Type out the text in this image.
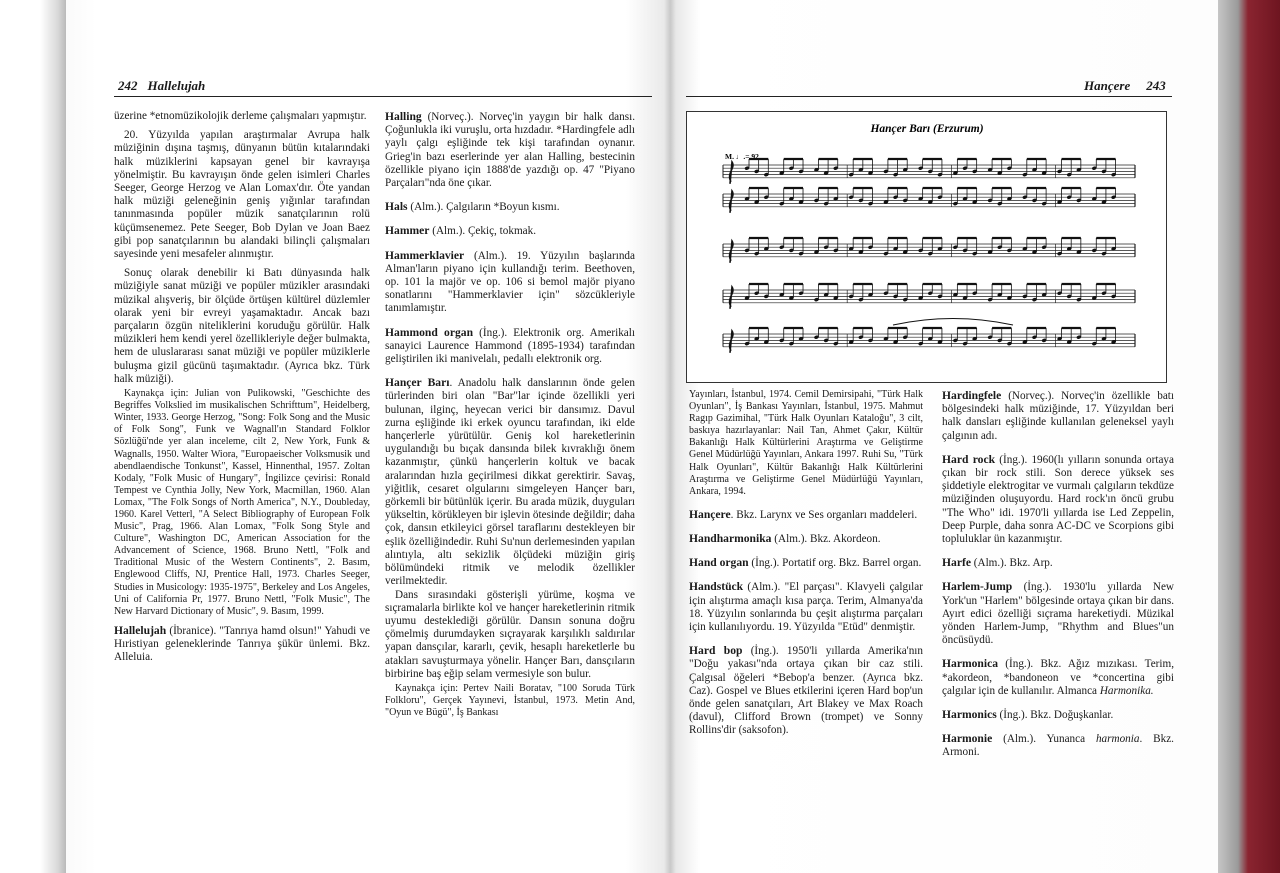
242 Hallelujah

üzerine *etnomüzikolojik derleme çalışmaları yapmıştır.

20. Yüzyılda yapılan araştırmalar Avrupa halk müziğinin dışına taşmış, dünyanın bütün kıtalarındaki halk müziklerini kapsayan genel bir kavrayışa yönelmiştir. Bu kavrayışın önde gelen isimleri Charles Seeger, George Herzog ve Alan Lomax'dır. Öte yandan halk müziği geleneğinin geniş yığınlar tarafından tanınmasında popüler müzik sanatçılarının rolü küçümsenemez. Pete Seeger, Bob Dylan ve Joan Baez gibi pop sanatçılarının bu alandaki bilinçli çalışmaları sayesinde yeni mesafeler alınmıştır.

Sonuç olarak denebilir ki Batı dünyasında halk müziğiyle sanat müziği ve popüler müzikler arasındaki müzikal alışveriş, bir ölçüde örtüşen kültürel düzlemler olarak yeni bir evreyi yaşamaktadır. Ancak bazı parçaların özgün niteliklerini koruduğu görülür. Halk müzikleri hem kendi yerel özellikleriyle değer bulmakta, hem de uluslararası sanat müziği ve popüler müziklerle buluşma gizil gücünü taşımaktadır. (Ayrıca bkz. Türk halk müziği).

Kaynakça için: Julian von Pulikowski, "Geschichte des Begriffes Volkslied im musikalischen Schrifttum", Heidelberg, Winter, 1933. George Herzog, "Song: Folk Song and the Music of Folk Song", Funk ve Wagnall'ın Standard Folklor Sözlüğü'nde yer alan inceleme, cilt 2, New York, Funk & Wagnalls, 1950. Walter Wiora, "Europaeischer Volksmusik und abendlaendische Tonkunst", Kassel, Hinnenthal, 1957. Zoltan Kodaly, "Folk Music of Hungary", İngilizce çevirisi: Ronald Tempest ve Cynthia Jolly, New York, Macmillan, 1960. Alan Lomax, "The Folk Songs of North America", N.Y., Doubleday, 1960. Karel Vetterl, "A Select Bibliography of European Folk Music", Prag, 1966. Alan Lomax, "Folk Song Style and Culture", Washington DC, American Association for the Advancement of Science, 1968. Bruno Nettl, "Folk and Traditional Music of the Western Continents", 2. Basım, Englewood Cliffs, NJ, Prentice Hall, 1973. Charles Seeger, Studies in Musicology: 1935-1975", Berkeley and Los Angeles, Uni of California Pr, 1977. Bruno Nettl, "Folk Music", The New Harvard Dictionary of Music", 9. Basım, 1999.

Hallelujah (İbranice). "Tanrıya hamd olsun!" Yahudi ve Hıristiyan geleneklerinde Tanrıya şükür ünlemi. Bkz. Alleluia.

Halling (Norveç.). Norveç'in yaygın bir halk dansı. Çoğunlukla iki vuruşlu, orta hızdadır. *Hardingfele adlı yaylı çalgı eşliğinde tek kişi tarafından oynanır. Grieg'in bazı eserlerinde yer alan Halling, bestecinin özellikle piyano için 1888'de yazdığı op. 47 "Piyano Parçaları"nda öne çıkar.

Hals (Alm.). Çalgıların *Boyun kısmı.

Hammer (Alm.). Çekiç, tokmak.

Hammerklavier (Alm.). 19. Yüzyılın başlarında Alman'ların piyano için kullandığı terim. Beethoven, op. 101 la majör ve op. 106 si bemol majör piyano sonatlarını "Hammerklavier için" sözcükleriyle tanımlamıştır.

Hammond organ (İng.). Elektronik org. Amerikalı sanayici Laurence Hammond (1895-1934) tarafından geliştirilen iki manivelalı, pedallı elektronik org.

Hançer Barı. Anadolu halk danslarının önde gelen türlerinden biri olan "Bar"lar içinde özellikli yeri bulunan, ilginç, heyecan verici bir dansımız. Davul zurna eşliğinde iki erkek oyuncu tarafından, iki elde hançerlerle yürütülür. Geniş kol hareketlerinin uygulandığı bu bıçak dansında bilek kıvraklığı önem kazanmıştır, çünkü hançerlerin koltuk ve bacak aralarından hızla geçirilmesi dikkat gerektirir. Savaş, yiğitlik, cesaret olgularını simgeleyen Hançer barı, görkemli bir bütünlük içerir. Bu arada müzik, duyguları yükseltin, körükleyen bir işlevin ötesinde değildir; daha çok, dansın etkileyici görsel taraflarını destekleyen bir eşlik özelliğindedir. Ruhi Su'nun derlemesinden yapılan alıntıyla, altı sekizlik ölçüdeki müziğin giriş bölümündeki ritmik ve melodik özellikler verilmektedir.

Dans sırasındaki gösterişli yürüme, koşma ve sıçramalarla birlikte kol ve hançer hareketlerinin ritmik uyumu desteklediği görülür. Dansın sonuna doğru çömelmiş durumdayken sıçrayarak karşılıklı saldırılar yapan dansçılar, kararlı, çevik, hesaplı hareketlerle bu atakları savuşturmaya yönelir. Hançer Barı, dansçıların birbirine baş eğip selam vermesiyle son bulur.

Kaynakça için: Pertev Naili Boratav, "100 Soruda Türk Folkloru", Gerçek Yayınevi, İstanbul, 1973. Metin And, "Oyun ve Bügü", İş Bankası

Hançere 243
Hançer Barı (Erzurum)
M. ♩.= 92

Yayınları, İstanbul, 1974. Cemil Demirsipahi, "Türk Halk Oyunları", İş Bankası Yayınları, İstanbul, 1975. Mahmut Ragıp Gazimihal, "Türk Halk Oyunları Kataloğu", 3 cilt, baskıya hazırlayanlar: Nail Tan, Ahmet Çakır, Kültür Bakanlığı Halk Kültürlerini Araştırma ve Geliştirme Genel Müdürlüğü Yayınları, Ankara 1997. Ruhi Su, "Türk Halk Oyunları", Kültür Bakanlığı Halk Kültürlerini Araştırma ve Geliştirme Genel Müdürlüğü Yayınları, Ankara, 1994.

Hançere. Bkz. Larynx ve Ses organları maddeleri.

Handharmonika (Alm.). Bkz. Akordeon.

Hand organ (İng.). Portatif org. Bkz. Barrel organ.

Handstück (Alm.). "El parçası". Klavyeli çalgılar için alıştırma amaçlı kısa parça. Terim, Almanya'da 18. Yüzyılın sonlarında bu çeşit alıştırma parçaları için kullanılıyordu. 19. Yüzyılda "Etüd" denmiştir.

Hard bop (İng.). 1950'li yıllarda Amerika'nın "Doğu yakası"nda ortaya çıkan bir caz stili. Çalgısal öğeleri *Bebop'a benzer. (Ayrıca bkz. Caz). Gospel ve Blues etkilerini içeren Hard bop'un önde gelen sanatçıları, Art Blakey ve Max Roach (davul), Clifford Brown (trompet) ve Sonny Rollins'dir (saksofon).

Hardingfele (Norveç.). Norveç'in özellikle batı bölgesindeki halk müziğinde, 17. Yüzyıldan beri halk dansları eşliğinde kullanılan geleneksel yaylı çalgının adı.

Hard rock (İng.). 1960(lı yılların sonunda ortaya çıkan bir rock stili. Son derece yüksek ses şiddetiyle elektrogitar ve vurmalı çalgıların tekdüze müziğinden oluşuyordu. Hard rock'ın öncü grubu "The Who" idi. 1970'li yıllarda ise Led Zeppelin, Deep Purple, daha sonra AC-DC ve Scorpions gibi topluluklar ün kazanmıştır.

Harfe (Alm.). Bkz. Arp.

Harlem-Jump (İng.). 1930'lu yıllarda New York'un "Harlem" bölgesinde ortaya çıkan bir dans. Ayırt edici özelliği sıçrama hareketiydi. Müzikal yönden Harlem-Jump, "Rhythm and Blues"un öncüsüydü.

Harmonica (İng.). Bkz. Ağız mızıkası. Terim, *akordeon, *bandoneon ve *concertina gibi çalgılar için de kullanılır. Almanca Harmonika.

Harmonics (İng.). Bkz. Doğuşkanlar.

Harmonie (Alm.). Yunanca harmonia. Bkz. Armoni.
